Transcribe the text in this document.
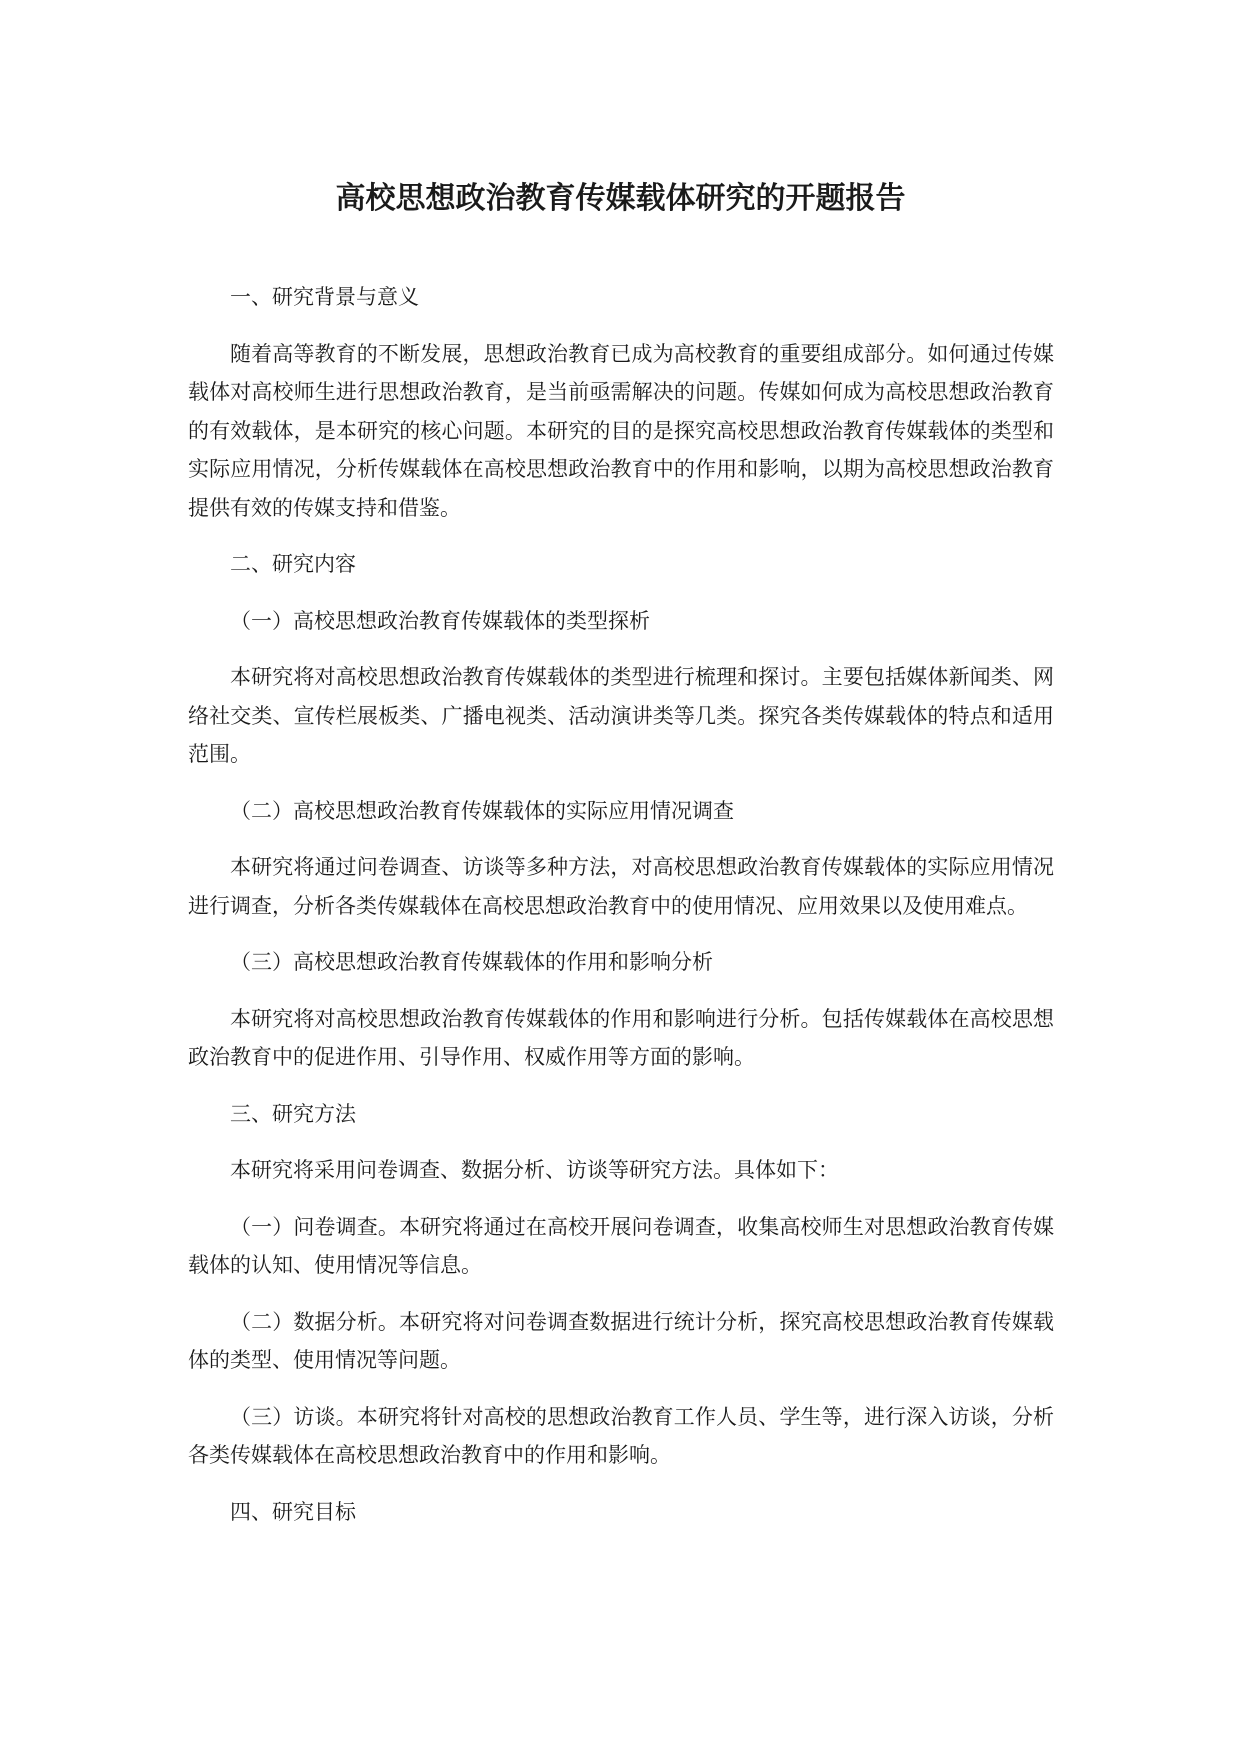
高校思想政治教育传媒载体研究的开题报告

一、研究背景与意义

随着高等教育的不断发展，思想政治教育已成为高校教育的重要组成部分。如何通过传媒载体对高校师生进行思想政治教育，是当前亟需解决的问题。传媒如何成为高校思想政治教育的有效载体，是本研究的核心问题。本研究的目的是探究高校思想政治教育传媒载体的类型和实际应用情况，分析传媒载体在高校思想政治教育中的作用和影响，以期为高校思想政治教育提供有效的传媒支持和借鉴。

二、研究内容

（一）高校思想政治教育传媒载体的类型探析

本研究将对高校思想政治教育传媒载体的类型进行梳理和探讨。主要包括媒体新闻类、网络社交类、宣传栏展板类、广播电视类、活动演讲类等几类。探究各类传媒载体的特点和适用范围。

（二）高校思想政治教育传媒载体的实际应用情况调查

本研究将通过问卷调查、访谈等多种方法，对高校思想政治教育传媒载体的实际应用情况进行调查，分析各类传媒载体在高校思想政治教育中的使用情况、应用效果以及使用难点。

（三）高校思想政治教育传媒载体的作用和影响分析

本研究将对高校思想政治教育传媒载体的作用和影响进行分析。包括传媒载体在高校思想政治教育中的促进作用、引导作用、权威作用等方面的影响。

三、研究方法

本研究将采用问卷调查、数据分析、访谈等研究方法。具体如下：

（一）问卷调查。本研究将通过在高校开展问卷调查，收集高校师生对思想政治教育传媒载体的认知、使用情况等信息。

（二）数据分析。本研究将对问卷调查数据进行统计分析，探究高校思想政治教育传媒载体的类型、使用情况等问题。

（三）访谈。本研究将针对高校的思想政治教育工作人员、学生等，进行深入访谈，分析各类传媒载体在高校思想政治教育中的作用和影响。

四、研究目标
